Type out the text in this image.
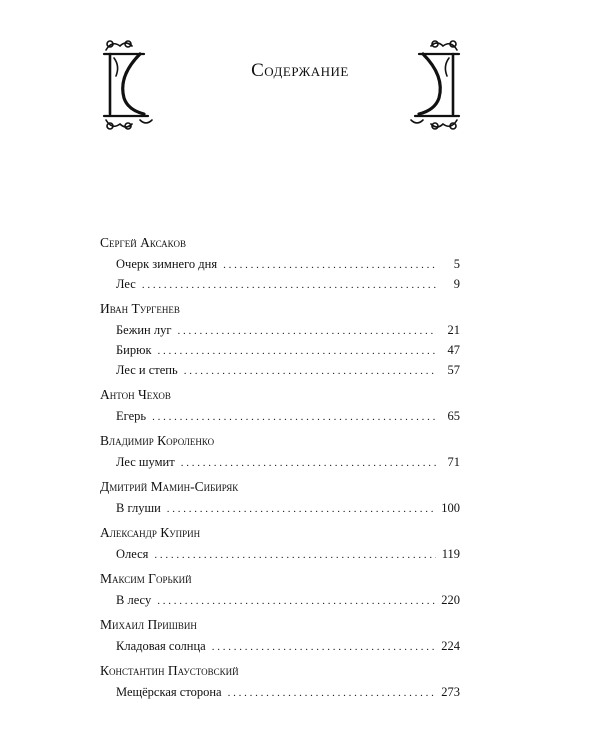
Содержание
Сергей Аксаков
Очерк зимнего дня . . .	5
Лес . . .	9
Иван Тургенев
Бежин луг . . .	21
Бирюк . . .	47
Лес и степь . . .	57
Антон Чехов
Егерь . . .	65
Владимир Короленко
Лес шумит . . .	71
Дмитрий Мамин-Сибиряк
В глуши . . .	100
Александр Куприн
Олеся . . .	119
Максим Горький
В лесу . . .	220
Михаил Пришвин
Кладовая солнца . . .	224
Константин Паустовский
Мещёрская сторона . . .	273
